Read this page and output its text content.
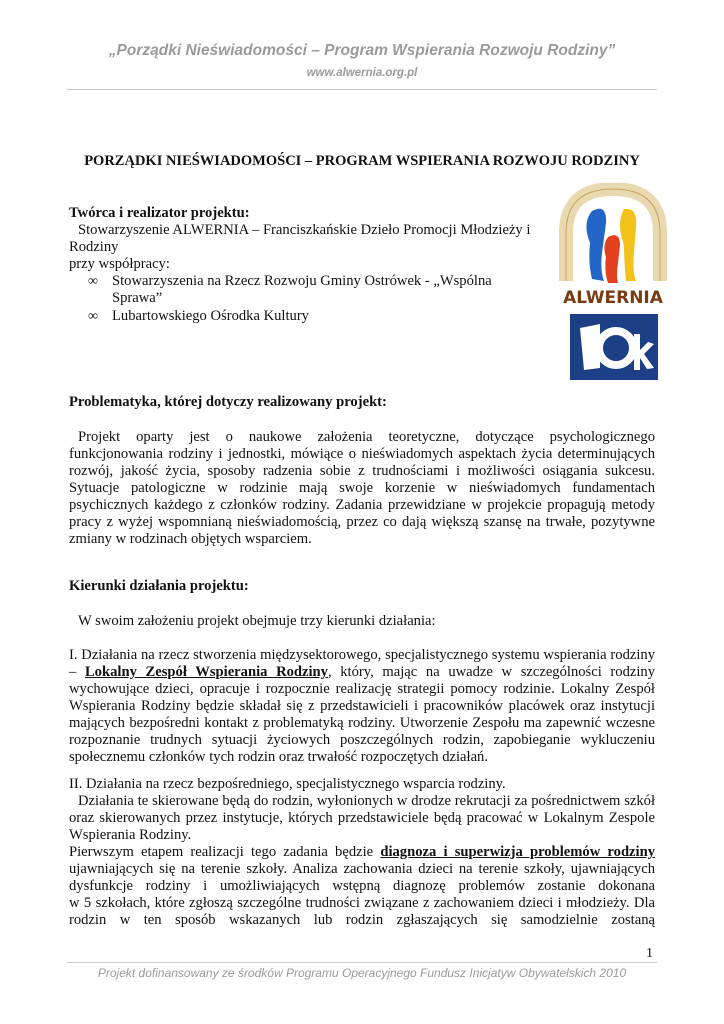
„Porządki Nieświadomości – Program Wspierania Rozwoju Rodziny”
www.alwernia.org.pl
PORZĄDKI NIEŚWIADOMOŚCI – PROGRAM WSPIERANIA ROZWOJU RODZINY
Twórca i realizator projektu:
Stowarzyszenie ALWERNIA – Franciszkańskie Dzieło Promocji Młodzieży i
Rodziny
przy współpracy:
∞ Stowarzyszenia na Rzecz Rozwoju Gminy Ostrówek - „Wspólna
Sprawa”
∞ Lubartowskiego Ośrodka Kultury
ALWERNIA
Problematyka, której dotyczy realizowany projekt:
Projekt oparty jest o naukowe założenia teoretyczne, dotyczące psychologicznego
funkcjonowania rodziny i jednostki, mówiące o nieświadomych aspektach życia determinujących
rozwój, jakość życia, sposoby radzenia sobie z trudnościami i możliwości osiągania sukcesu.
Sytuacje patologiczne w rodzinie mają swoje korzenie w nieświadomych fundamentach
psychicznych każdego z członków rodziny. Zadania przewidziane w projekcie propagują metody
pracy z wyżej wspomnianą nieświadomością, przez co dają większą szansę na trwałe, pozytywne
zmiany w rodzinach objętych wsparciem.
Kierunki działania projektu:
W swoim założeniu projekt obejmuje trzy kierunki działania:
I. Działania na rzecz stworzenia międzysektorowego, specjalistycznego systemu wspierania rodziny
– Lokalny Zespół Wspierania Rodziny, który, mając na uwadze w szczególności rodziny
wychowujące dzieci, opracuje i rozpocznie realizację strategii pomocy rodzinie. Lokalny Zespół
Wspierania Rodziny będzie składał się z przedstawicieli i pracowników placówek oraz instytucji
mających bezpośredni kontakt z problematyką rodziny. Utworzenie Zespołu ma zapewnić wczesne
rozpoznanie trudnych sytuacji życiowych poszczególnych rodzin, zapobieganie wykluczeniu
społecznemu członków tych rodzin oraz trwałość rozpoczętych działań.
II. Działania na rzecz bezpośredniego, specjalistycznego wsparcia rodziny.
Działania te skierowane będą do rodzin, wyłonionych w drodze rekrutacji za pośrednictwem szkół
oraz skierowanych przez instytucje, których przedstawiciele będą pracować w Lokalnym Zespole
Wspierania Rodziny.
Pierwszym etapem realizacji tego zadania będzie diagnoza i superwizja problemów rodziny
ujawniających się na terenie szkoły. Analiza zachowania dzieci na terenie szkoły, ujawniających
dysfunkcje rodziny i umożliwiających wstępną diagnozę problemów zostanie dokonana
w 5 szkołach, które zgłoszą szczególne trudności związane z zachowaniem dzieci i młodzieży. Dla
rodzin w ten sposób wskazanych lub rodzin zgłaszających się samodzielnie zostaną
1
Projekt dofinansowany ze środków Programu Operacyjnego Fundusz Inicjatyw Obywatelskich 2010
